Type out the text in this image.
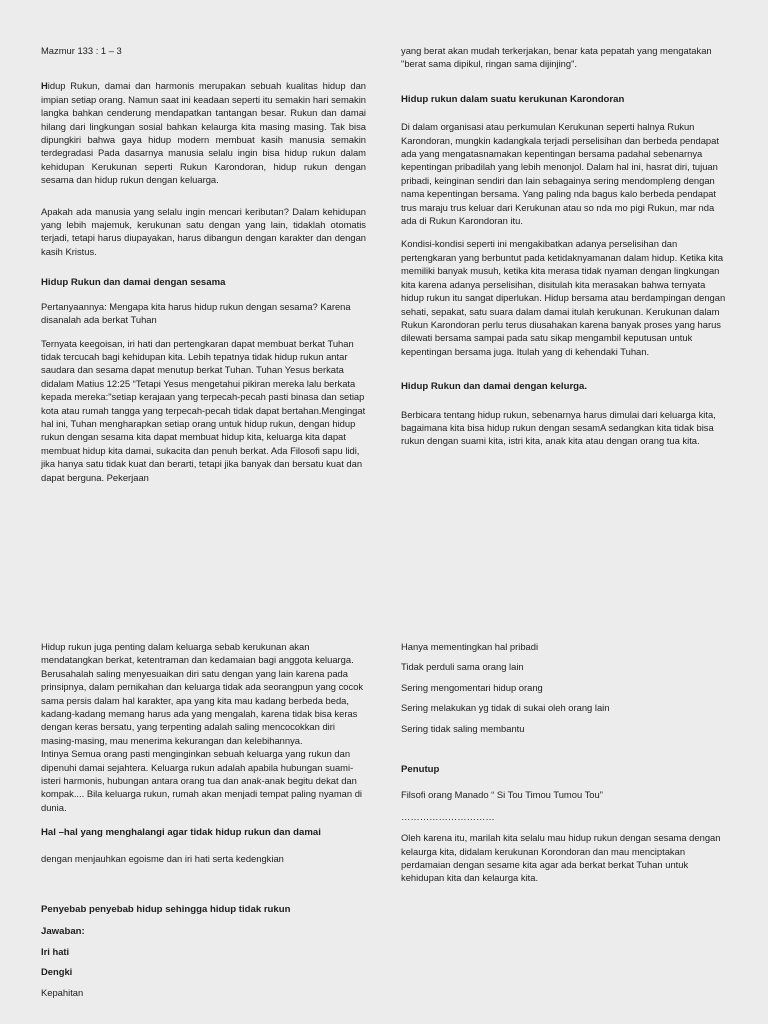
Mazmur 133 : 1 – 3

Hidup Rukun, damai dan harmonis merupakan sebuah kualitas hidup dan impian setiap orang. Namun saat ini keadaan seperti itu semakin hari semakin langka bahkan cenderung mendapatkan tantangan besar. Rukun dan damai hilang dari lingkungan sosial bahkan kelaurga kita masing masing. Tak bisa dipungkiri bahwa gaya hidup modern membuat kasih manusia semakin terdegradasi Pada dasarnya manusia selalu ingin bisa hidup rukun dalam kehidupan Kerukunan seperti Rukun Karondoran, hidup rukun dengan sesama dan hidup rukun dengan keluarga.

Apakah ada manusia yang selalu ingin mencari keributan? Dalam kehidupan yang lebih majemuk, kerukunan satu dengan yang lain, tidaklah otomatis terjadi, tetapi harus diupayakan, harus dibangun dengan karakter dan dengan kasih Kristus.

Hidup Rukun dan damai dengan sesama

Pertanyaannya: Mengapa kita harus hidup rukun dengan sesama? Karena disanalah ada berkat Tuhan

Ternyata keegoisan, iri hati dan pertengkaran dapat membuat berkat Tuhan tidak tercucah bagi kehidupan kita. Lebih tepatnya tidak hidup rukun antar saudara dan sesama dapat menutup berkat Tuhan. Tuhan Yesus berkata didalam Matius 12:25 “Tetapi Yesus mengetahui pikiran mereka lalu berkata kepada mereka:"setiap kerajaan yang terpecah-pecah pasti binasa dan setiap kota atau rumah tangga yang terpecah-pecah tidak dapat bertahan.Mengingat hal ini, Tuhan mengharapkan setiap orang untuk hidup rukun, dengan hidup rukun dengan sesama kita dapat membuat hidup kita, keluarga kita dapat membuat hidup kita damai, sukacita dan penuh berkat. Ada Filosofi sapu lidi, jika hanya satu tidak kuat dan berarti, tetapi jika banyak dan bersatu kuat dan dapat berguna. Pekerjaan

yang berat akan mudah terkerjakan, benar kata pepatah yang mengatakan "berat sama dipikul, ringan sama dijinjing".

Hidup rukun dalam suatu kerukunan Karondoran

Di dalam organisasi atau perkumulan Kerukunan seperti halnya Rukun Karondoran, mungkin kadangkala terjadi perselisihan dan berbeda pendapat ada yang mengatasnamakan kepentingan bersama padahal sebenarnya kepentingan pribadilah yang lebih menonjol. Dalam hal ini, hasrat diri, tujuan pribadi, keinginan sendiri dan lain sebagainya sering mendompleng dengan nama kepentingan bersama. Yang paling nda bagus kalo berbeda pendapat trus maraju trus keluar dari Kerukunan atau so nda mo pigi Rukun, mar nda ada di Rukun Karondoran itu.

Kondisi-kondisi seperti ini mengakibatkan adanya perselisihan dan pertengkaran yang berbuntut pada ketidaknyamanan dalam hidup. Ketika kita memiliki banyak musuh, ketika kita merasa tidak nyaman dengan lingkungan kita karena adanya perselisihan, disitulah kita merasakan bahwa ternyata hidup rukun itu sangat diperlukan. Hidup bersama atau berdampingan dengan sehati, sepakat, satu suara dalam damai itulah kerukunan. Kerukunan dalam Rukun Karondoran perlu terus diusahakan karena banyak proses yang harus dilewati bersama sampai pada satu sikap mengambil keputusan untuk kepentingan bersama juga. Itulah yang di kehendaki Tuhan.

Hidup Rukun dan damai dengan kelurga.

Berbicara tentang hidup rukun, sebenarnya harus dimulai dari keluarga kita, bagaimana kita bisa hidup rukun dengan sesamA sedangkan kita tidak bisa rukun dengan suami kita, istri kita, anak kita atau dengan orang tua kita.

Hidup rukun juga penting dalam keluarga sebab kerukunan akan mendatangkan berkat, ketentraman dan kedamaian bagi anggota keluarga. Berusahalah saling menyesuaikan diri satu dengan yang lain karena pada prinsipnya, dalam pernikahan dan keluarga tidak ada seorangpun yang cocok sama persis dalam hal karakter, apa yang kita mau kadang berbeda beda, kadang-kadang memang harus ada yang mengalah, karena tidak bisa keras dengan keras bersatu, yang terpenting adalah saling mencocokkan diri masing-masing, mau menerima kekurangan dan kelebihannya.

Intinya Semua orang pasti menginginkan sebuah keluarga yang rukun dan dipenuhi damai sejahtera. Keluarga rukun adalah apabila hubungan suami-isteri harmonis, hubungan antara orang tua dan anak-anak begitu dekat dan kompak.... Bila keluarga rukun, rumah akan menjadi tempat paling nyaman di dunia.

Hal –hal yang menghalangi agar tidak hidup rukun dan damai

dengan menjauhkan egoisme dan iri hati serta kedengkian

Penyebab penyebab hidup sehingga hidup tidak rukun
Jawaban:

Iri hati

Dengki

Kepahitan

Hanya mementingkan hal pribadi

Tidak perduli sama orang lain

Sering mengomentari hidup orang

Sering melakukan yg tidak di sukai oleh orang lain

Sering tidak saling membantu

Penutup

Filsofi orang Manado “ Si Tou Timou Tumou Tou”

…………………………

Oleh karena itu, marilah kita selalu mau hidup rukun dengan sesama dengan kelaurga kita, didalam kerukunan Korondoran dan mau menciptakan perdamaian dengan sesame kita agar ada berkat berkat Tuhan untuk kehidupan kita dan kelaurga kita.
